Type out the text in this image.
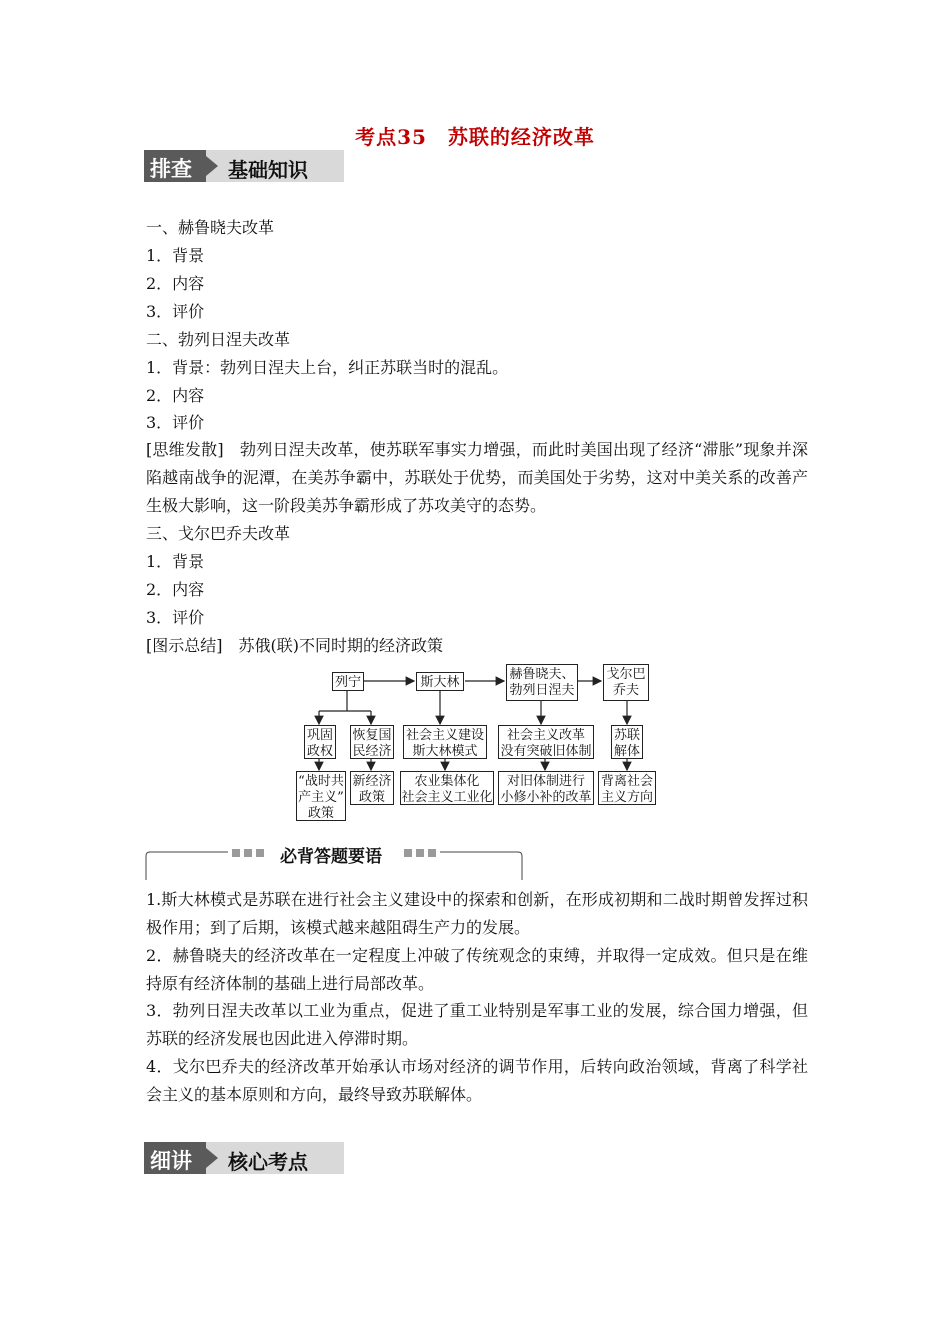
考点35　苏联的经济改革
排查 基础知识
一、赫鲁晓夫改革
1．背景
2．内容
3．评价
二、勃列日涅夫改革
1．背景：勃列日涅夫上台，纠正苏联当时的混乱。
2．内容
3．评价
[思维发散]　勃列日涅夫改革，使苏联军事实力增强，而此时美国出现了经济“滞胀”现象并深陷越南战争的泥潭，在美苏争霸中，苏联处于优势，而美国处于劣势，这对中美关系的改善产生极大影响，这一阶段美苏争霸形成了苏攻美守的态势。
三、戈尔巴乔夫改革
1．背景
2．内容
3．评价
[图示总结]　苏俄(联)不同时期的经济政策
列宁	斯大林
赫鲁晓夫、
勃列日涅夫
戈尔巴
乔夫
巩固
政权
恢复国
民经济
社会主义建设
斯大林模式
社会主义改革
没有突破旧体制
苏联
解体
“战时共
产主义”
政策
新经济
政策
农业集体化
社会主义工业化
对旧体制进行
小修小补的改革
背离社会
主义方向
必背答题要语
1.斯大林模式是苏联在进行社会主义建设中的探索和创新，在形成初期和二战时期曾发挥过积极作用；到了后期，该模式越来越阻碍生产力的发展。
2．赫鲁晓夫的经济改革在一定程度上冲破了传统观念的束缚，并取得一定成效。但只是在维持原有经济体制的基础上进行局部改革。
3．勃列日涅夫改革以工业为重点，促进了重工业特别是军事工业的发展，综合国力增强，但苏联的经济发展也因此进入停滞时期。
4．戈尔巴乔夫的经济改革开始承认市场对经济的调节作用，后转向政治领域，背离了科学社会主义的基本原则和方向，最终导致苏联解体。
细讲 核心考点
